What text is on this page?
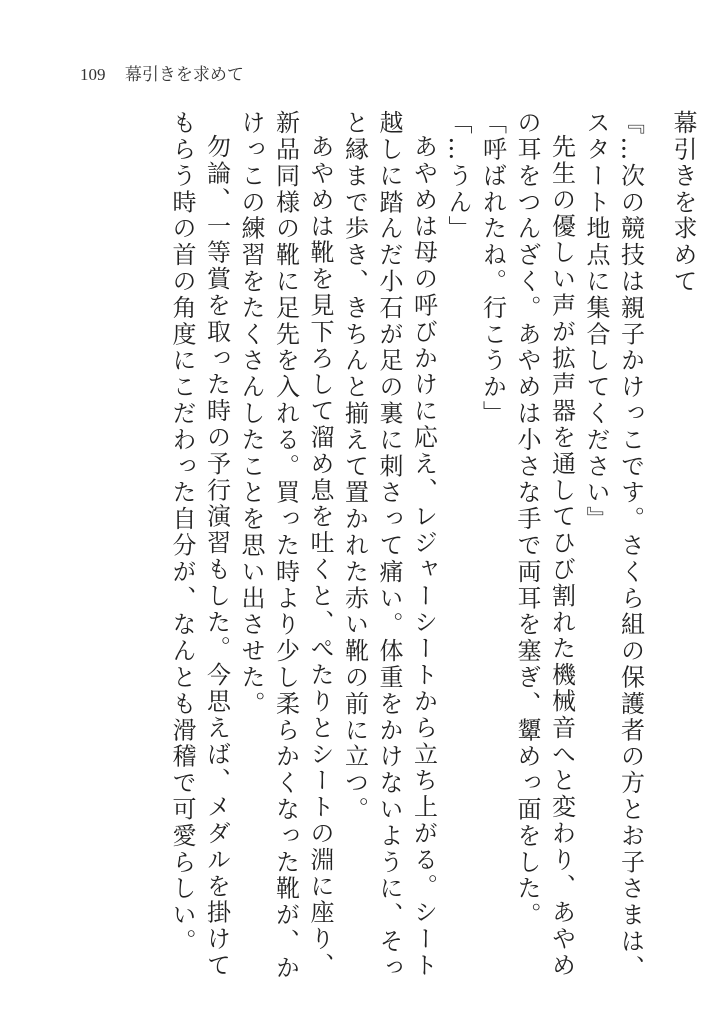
109 幕引きを求めて

幕引きを求めて

『…次の競技は親子かけっこです。さくら組の保護者の方とお子さまは、スタート地点に集合してください』

先生の優しい声が拡声器を通してひび割れた機械音へと変わり、あやめの耳をつんざく。あやめは小さな手で両耳を塞ぎ、顰めっ面をした。

「呼ばれたね。行こうか」

「…うん」

あやめは母の呼びかけに応え、レジャーシートから立ち上がる。シート越しに踏んだ小石が足の裏に刺さって痛い。体重をかけないように、そっと縁まで歩き、きちんと揃えて置かれた赤い靴の前に立つ。

あやめは靴を見下ろして溜め息を吐くと、ぺたりとシートの淵に座り、新品同様の靴に足先を入れる。買った時より少し柔らかくなった靴が、かけっこの練習をたくさんしたことを思い出させた。

勿論、一等賞を取った時の予行演習もした。今思えば、メダルを掛けてもらう時の首の角度にこだわった自分が、なんとも滑稽で可愛らしい。
